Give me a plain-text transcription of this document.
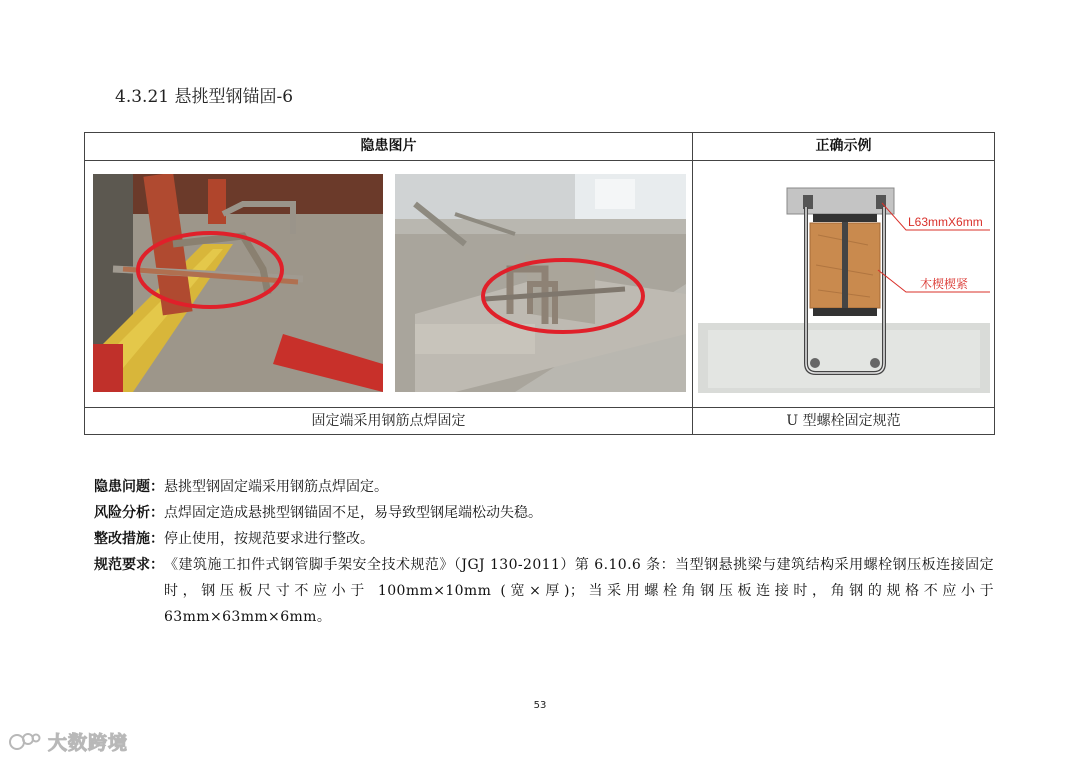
4.3.21 悬挑型钢锚固-6
隐患图片	正确示例
L63mmX6mm
木楔楔紧
固定端采用钢筋点焊固定	U 型螺栓固定规范
隐患问题： 悬挑型钢固定端采用钢筋点焊固定。
风险分析： 点焊固定造成悬挑型钢锚固不足，易导致型钢尾端松动失稳。
整改措施： 停止使用，按规范要求进行整改。
规范要求： 《建筑施工扣件式钢管脚手架安全技术规范》（JGJ 130-2011）第 6.10.6 条：当型钢悬挑梁与建筑结构采用螺栓钢压板连接固定时，钢压板尺寸不应小于 100mm×10mm (宽×厚)；当采用螺栓角钢压板连接时，角钢的规格不应小于 63mm×63mm×6mm。
53
大数跨境
